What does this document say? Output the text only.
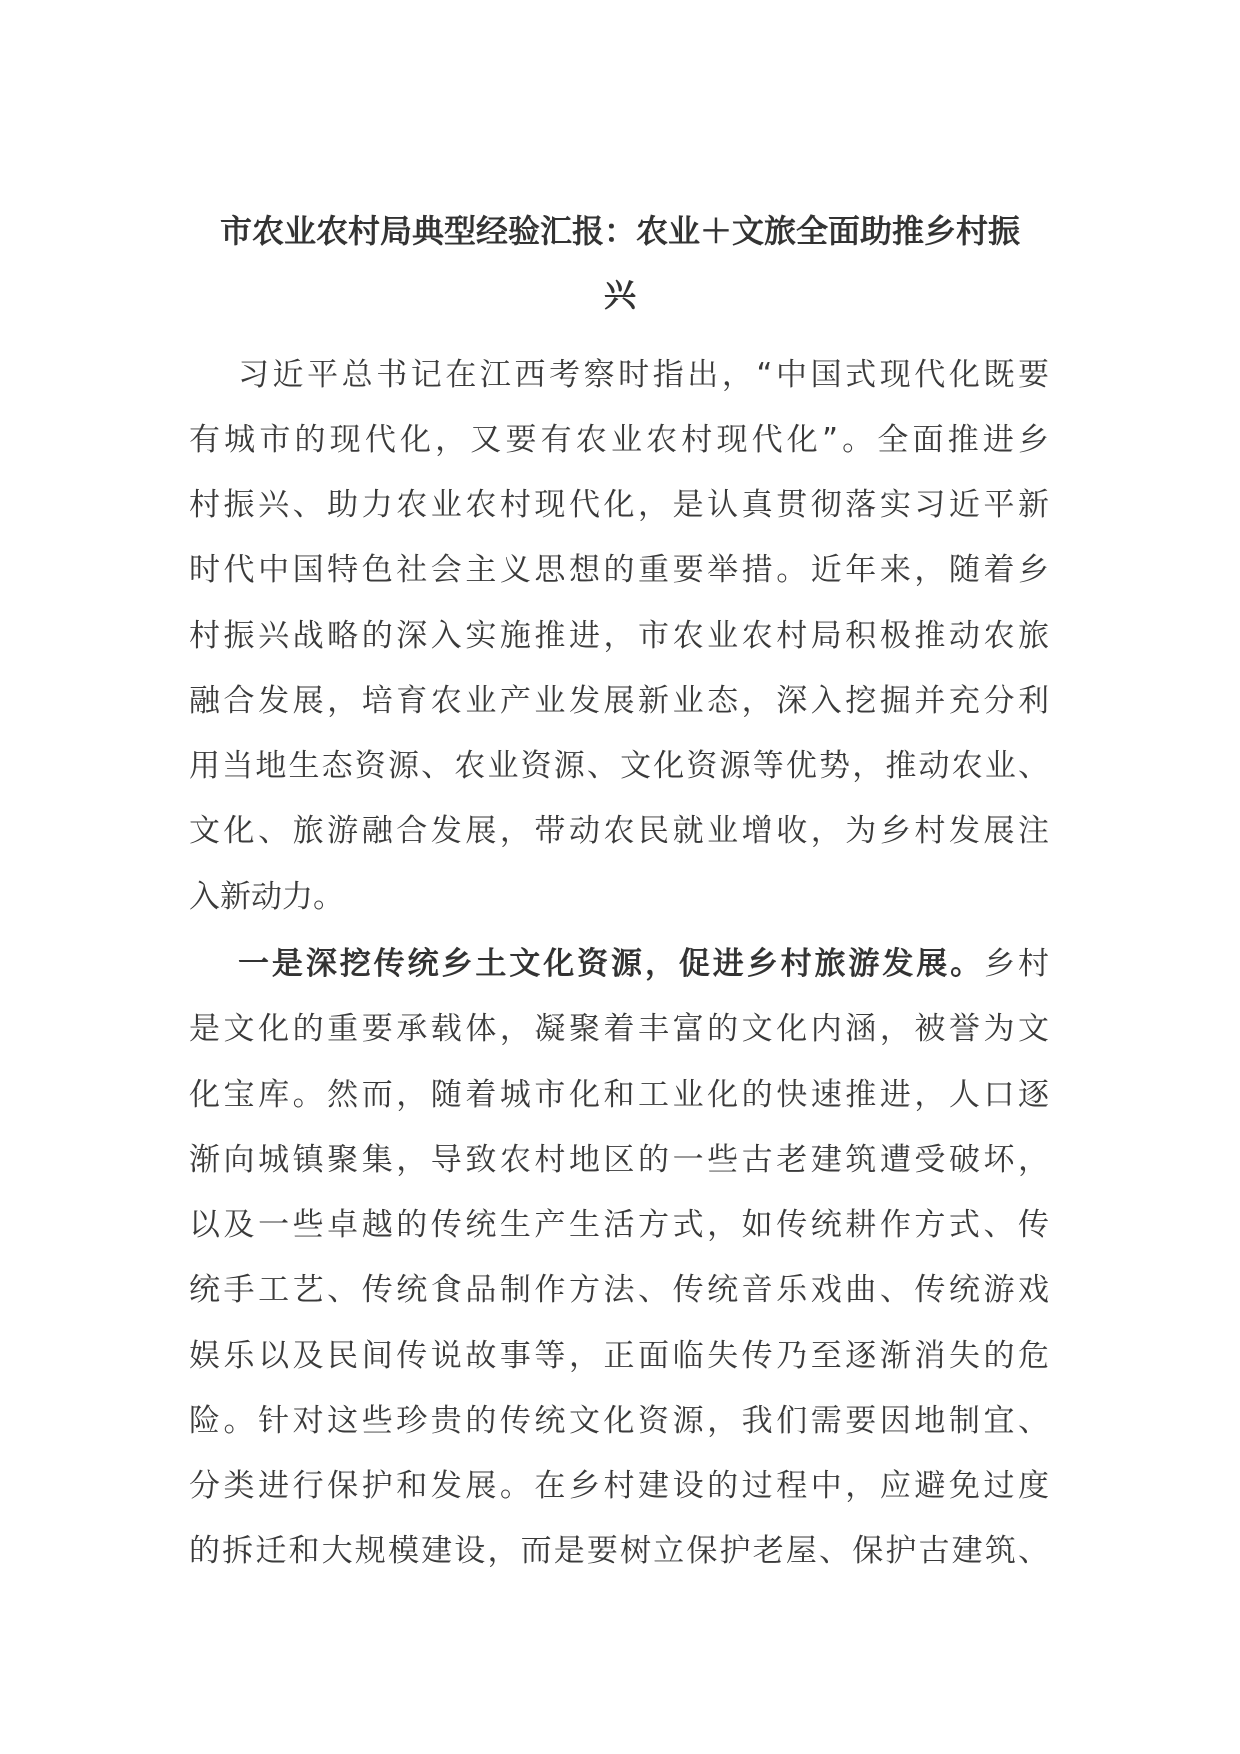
市农业农村局典型经验汇报：农业＋文旅全面助推乡村振
兴
习近平总书记在江西考察时指出，“中国式现代化既要
有城市的现代化，又要有农业农村现代化”。全面推进乡
村振兴、助力农业农村现代化，是认真贯彻落实习近平新
时代中国特色社会主义思想的重要举措。近年来，随着乡
村振兴战略的深入实施推进，市农业农村局积极推动农旅
融合发展，培育农业产业发展新业态，深入挖掘并充分利
用当地生态资源、农业资源、文化资源等优势，推动农业、
文化、旅游融合发展，带动农民就业增收，为乡村发展注
入新动力。
一是深挖传统乡土文化资源，促进乡村旅游发展。乡村
是文化的重要承载体，凝聚着丰富的文化内涵，被誉为文
化宝库。然而，随着城市化和工业化的快速推进，人口逐
渐向城镇聚集，导致农村地区的一些古老建筑遭受破坏，
以及一些卓越的传统生产生活方式，如传统耕作方式、传
统手工艺、传统食品制作方法、传统音乐戏曲、传统游戏
娱乐以及民间传说故事等，正面临失传乃至逐渐消失的危
险。针对这些珍贵的传统文化资源，我们需要因地制宜、
分类进行保护和发展。在乡村建设的过程中，应避免过度
的拆迁和大规模建设，而是要树立保护老屋、保护古建筑、
